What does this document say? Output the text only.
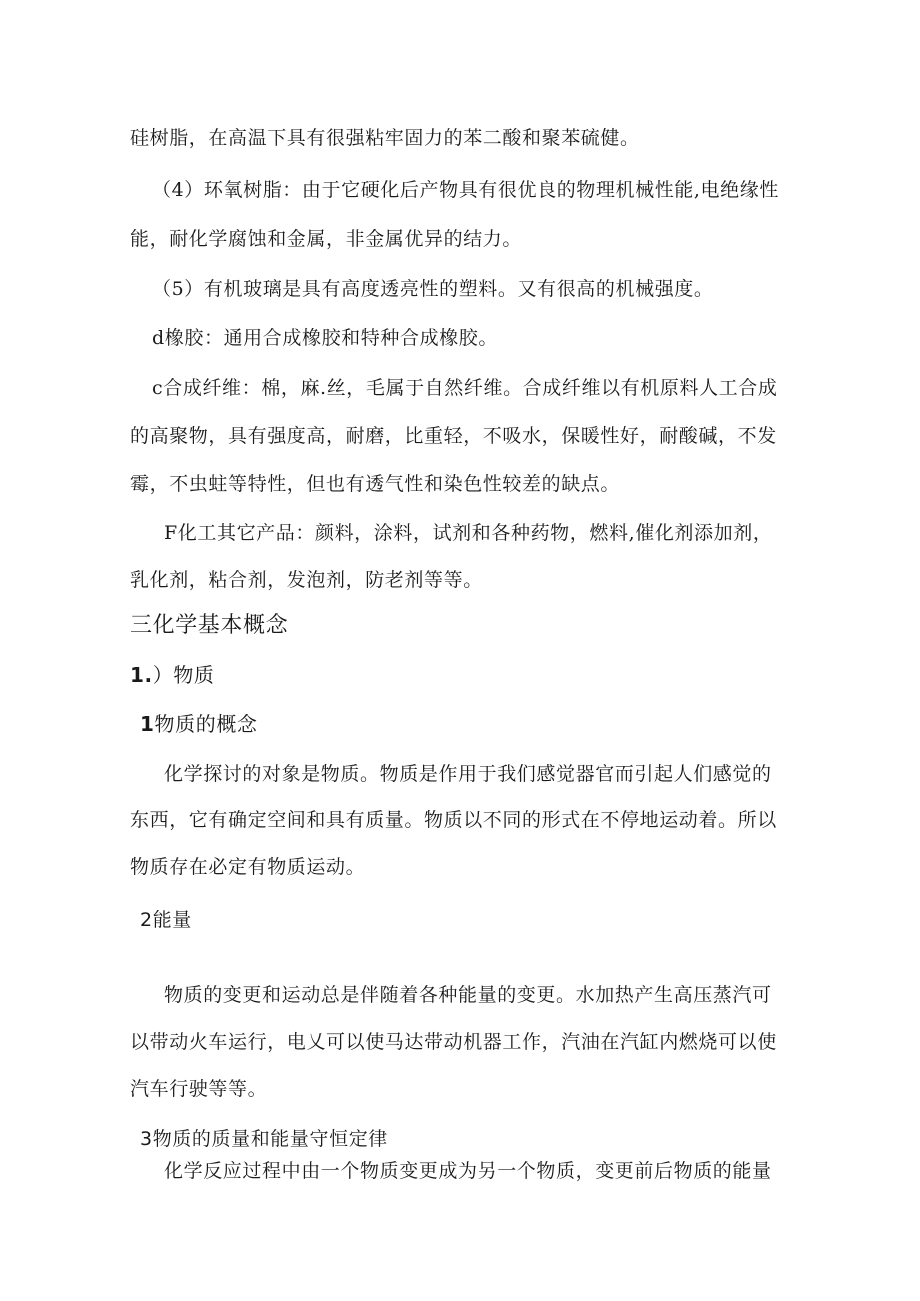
硅树脂，在高温下具有很强粘牢固力的苯二酸和聚苯硫健。
（4）环氧树脂：由于它硬化后产物具有很优良的物理机械性能,电绝缘性
能，耐化学腐蚀和金属，非金属优异的结力。
（5）有机玻璃是具有高度透亮性的塑料。又有很高的机械强度。
d橡胶：通用合成橡胶和特种合成橡胶。
c合成纤维：棉，麻.丝，毛属于自然纤维。合成纤维以有机原料人工合成
的高聚物，具有强度高，耐磨，比重轻，不吸水，保暖性好，耐酸碱，不发
霉，不虫蛀等特性，但也有透气性和染色性较差的缺点。
F化工其它产品：颜料，涂料，试剂和各种药物，燃料,催化剂添加剂，
乳化剂，粘合剂，发泡剂，防老剂等等。
三化学基本概念
1.）物质
1物质的概念
化学探讨的对象是物质。物质是作用于我们感觉器官而引起人们感觉的
东西，它有确定空间和具有质量。物质以不同的形式在不停地运动着。所以
物质存在必定有物质运动。
2能量
物质的变更和运动总是伴随着各种能量的变更。水加热产生高压蒸汽可
以带动火车运行，电乂可以使马达带动机器工作，汽油在汽缸内燃烧可以使
汽车行驶等等。
3物质的质量和能量守恒定律
化学反应过程中由一个物质变更成为另一个物质，变更前后物质的能量
